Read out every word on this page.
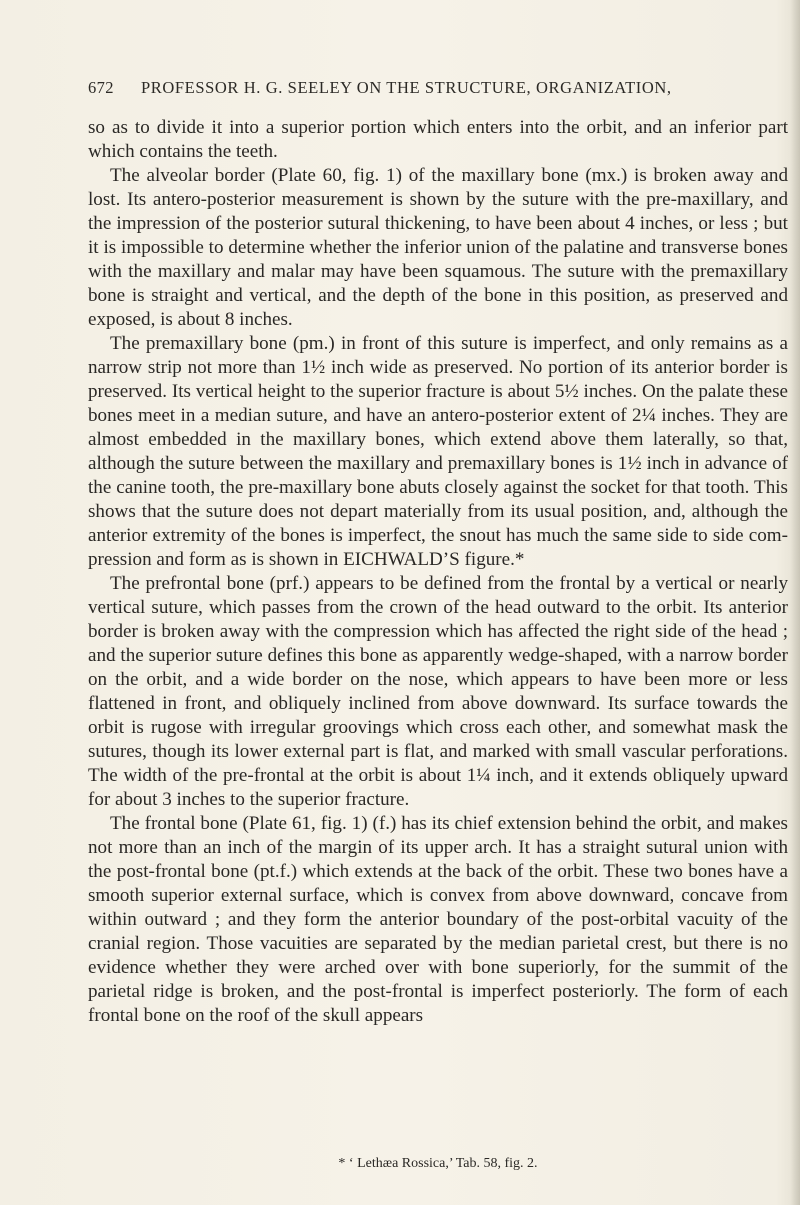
672 PROFESSOR H. G. SEELEY ON THE STRUCTURE, ORGANIZATION,

so as to divide it into a superior portion which enters into the orbit, and an inferior part which contains the teeth.

The alveolar border (Plate 60, fig. 1) of the maxillary bone (mx.) is broken away and lost. Its antero-posterior measurement is shown by the suture with the pre-maxillary, and the impression of the posterior sutural thickening, to have been about 4 inches, or less ; but it is impossible to determine whether the inferior union of the palatine and transverse bones with the maxillary and malar may have been squamous. The suture with the premaxillary bone is straight and vertical, and the depth of the bone in this position, as preserved and exposed, is about 8 inches.

The premaxillary bone (pm.) in front of this suture is imperfect, and only remains as a narrow strip not more than 1½ inch wide as preserved. No portion of its anterior border is preserved. Its vertical height to the superior fracture is about 5½ inches. On the palate these bones meet in a median suture, and have an antero-posterior extent of 2¼ inches. They are almost embedded in the maxillary bones, which extend above them laterally, so that, although the suture between the maxillary and premaxillary bones is 1½ inch in advance of the canine tooth, the pre-maxillary bone abuts closely against the socket for that tooth. This shows that the suture does not depart materially from its usual position, and, although the anterior extremity of the bones is imperfect, the snout has much the same side to side com-pression and form as is shown in EICHWALD’S figure.*

The prefrontal bone (prf.) appears to be defined from the frontal by a vertical or nearly vertical suture, which passes from the crown of the head outward to the orbit. Its anterior border is broken away with the compression which has affected the right side of the head ; and the superior suture defines this bone as apparently wedge-shaped, with a narrow border on the orbit, and a wide border on the nose, which appears to have been more or less flattened in front, and obliquely inclined from above downward. Its surface towards the orbit is rugose with irregular groovings which cross each other, and somewhat mask the sutures, though its lower external part is flat, and marked with small vascular perforations. The width of the pre-frontal at the orbit is about 1¼ inch, and it extends obliquely upward for about 3 inches to the superior fracture.

The frontal bone (Plate 61, fig. 1) (f.) has its chief extension behind the orbit, and makes not more than an inch of the margin of its upper arch. It has a straight sutural union with the post-frontal bone (pt.f.) which extends at the back of the orbit. These two bones have a smooth superior external surface, which is convex from above downward, concave from within outward ; and they form the anterior boundary of the post-orbital vacuity of the cranial region. Those vacuities are separated by the median parietal crest, but there is no evidence whether they were arched over with bone superiorly, for the summit of the parietal ridge is broken, and the post-frontal is imperfect posteriorly. The form of each frontal bone on the roof of the skull appears

* ‘ Lethæa Rossica,’ Tab. 58, fig. 2.
